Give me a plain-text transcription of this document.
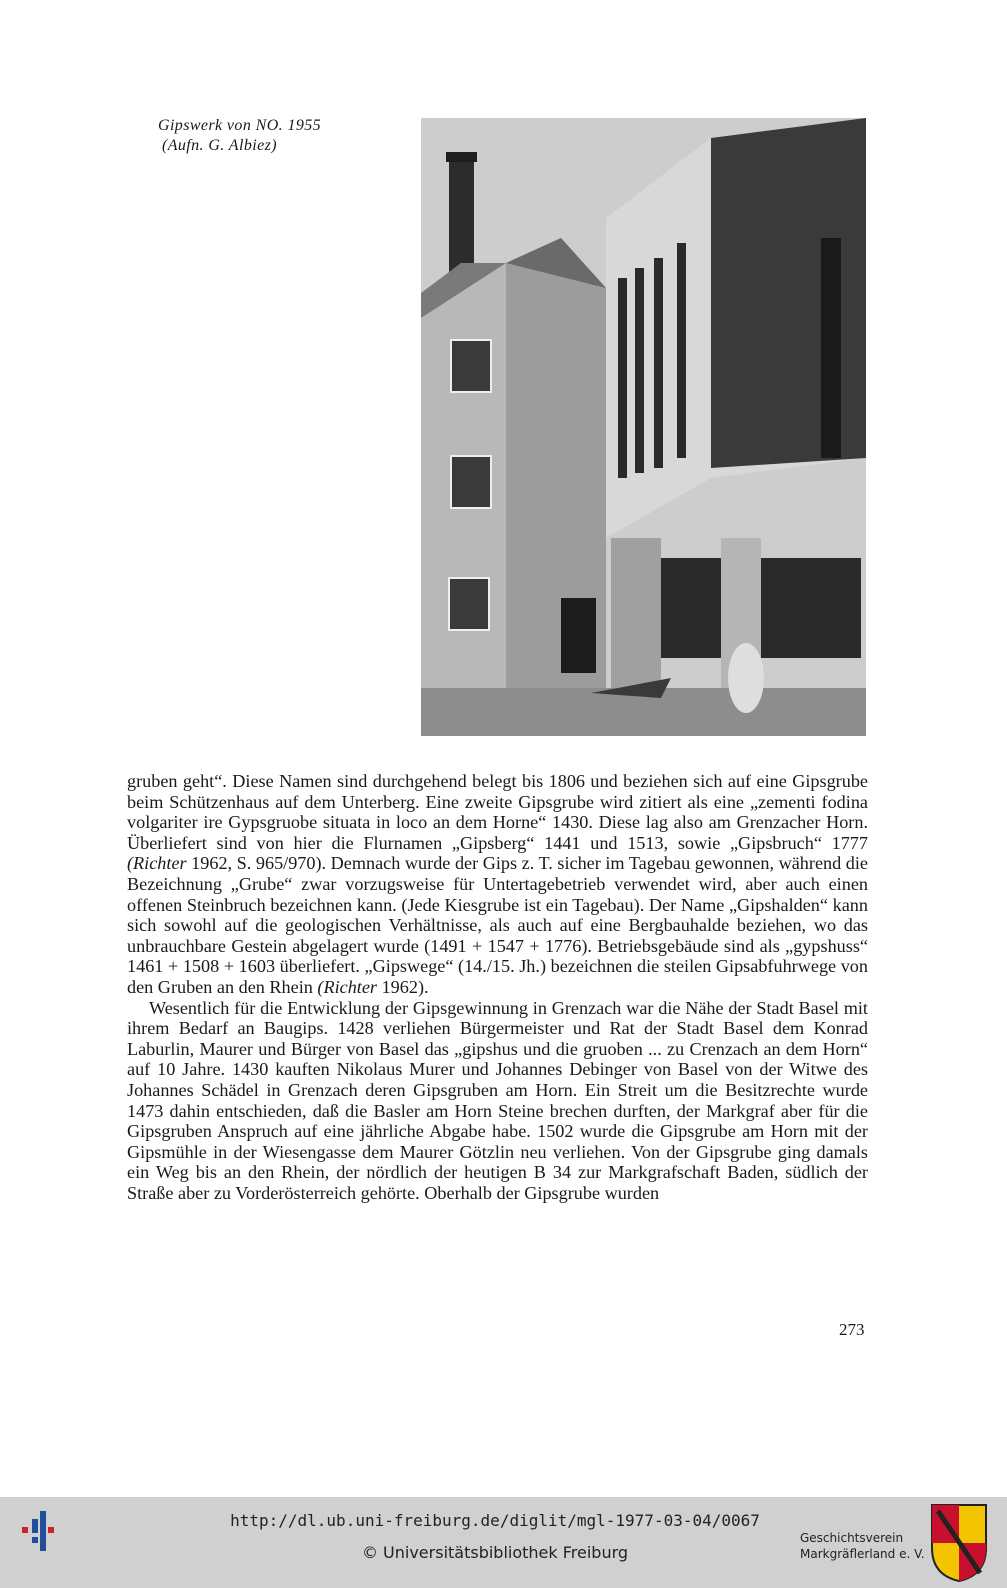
Gipswerk von NO. 1955
(Aufn. G. Albiez)

gruben geht“. Diese Namen sind durchgehend belegt bis 1806 und beziehen sich auf eine Gipsgrube beim Schützenhaus auf dem Unterberg. Eine zweite Gipsgrube wird zitiert als eine „zementi fodina volgariter ire Gypsgruobe situata in loco an dem Horne“ 1430. Diese lag also am Grenzacher Horn. Überliefert sind von hier die Flurnamen „Gipsberg“ 1441 und 1513, sowie „Gipsbruch“ 1777 (Richter 1962, S. 965/970). Demnach wurde der Gips z. T. sicher im Tagebau gewonnen, während die Bezeichnung „Grube“ zwar vorzugsweise für Untertagebetrieb verwendet wird, aber auch einen offenen Steinbruch bezeichnen kann. (Jede Kiesgrube ist ein Tagebau). Der Name „Gipshalden“ kann sich sowohl auf die geologischen Verhältnisse, als auch auf eine Bergbauhalde beziehen, wo das unbrauchbare Gestein abgelagert wurde (1491 + 1547 + 1776). Betriebsgebäude sind als „gypshuss“ 1461 + 1508 + 1603 überliefert. „Gipswege“ (14./15. Jh.) bezeichnen die steilen Gipsabfuhrwege von den Gruben an den Rhein (Richter 1962).

Wesentlich für die Entwicklung der Gipsgewinnung in Grenzach war die Nähe der Stadt Basel mit ihrem Bedarf an Baugips. 1428 verliehen Bürgermeister und Rat der Stadt Basel dem Konrad Laburlin, Maurer und Bürger von Basel das „gipshus und die gruoben ... zu Crenzach an dem Horn“ auf 10 Jahre. 1430 kauften Nikolaus Murer und Johannes Debinger von Basel von der Witwe des Johannes Schädel in Grenzach deren Gipsgruben am Horn. Ein Streit um die Besitzrechte wurde 1473 dahin entschieden, daß die Basler am Horn Steine brechen durften, der Markgraf aber für die Gipsgruben Anspruch auf eine jährliche Abgabe habe. 1502 wurde die Gipsgrube am Horn mit der Gipsmühle in der Wiesengasse dem Maurer Götzlin neu verliehen. Von der Gipsgrube ging damals ein Weg bis an den Rhein, der nördlich der heutigen B 34 zur Markgrafschaft Baden, südlich der Straße aber zu Vorderösterreich gehörte. Oberhalb der Gipsgrube wurden

273
http://dl.ub.uni-freiburg.de/diglit/mgl-1977-03-04/0067
© Universitätsbibliothek Freiburg
Geschichtsverein
Markgräflerland e. V.
